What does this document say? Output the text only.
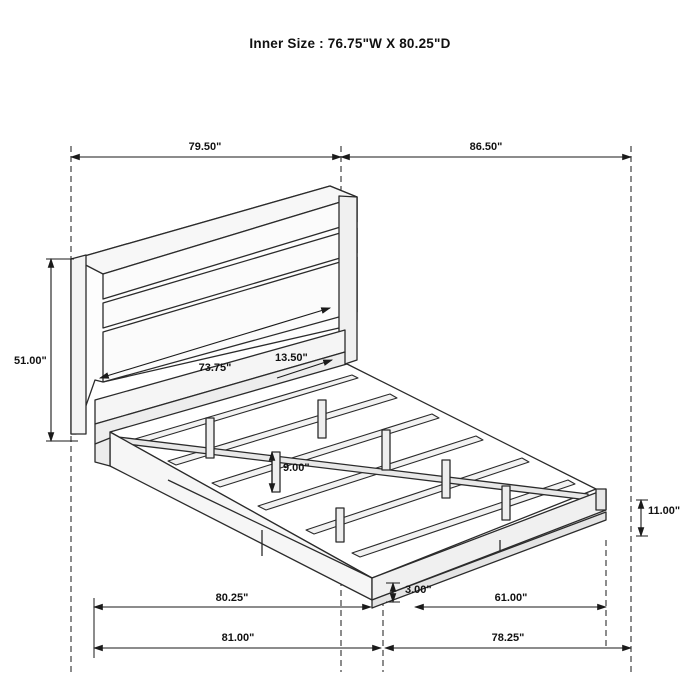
Inner Size : 76.75"W X 80.25"D
79.50"	86.50"
51.00"
73.75"
13.50"
9.00"
11.00"
3.00"
80.25"	61.00"
81.00"	78.25"
